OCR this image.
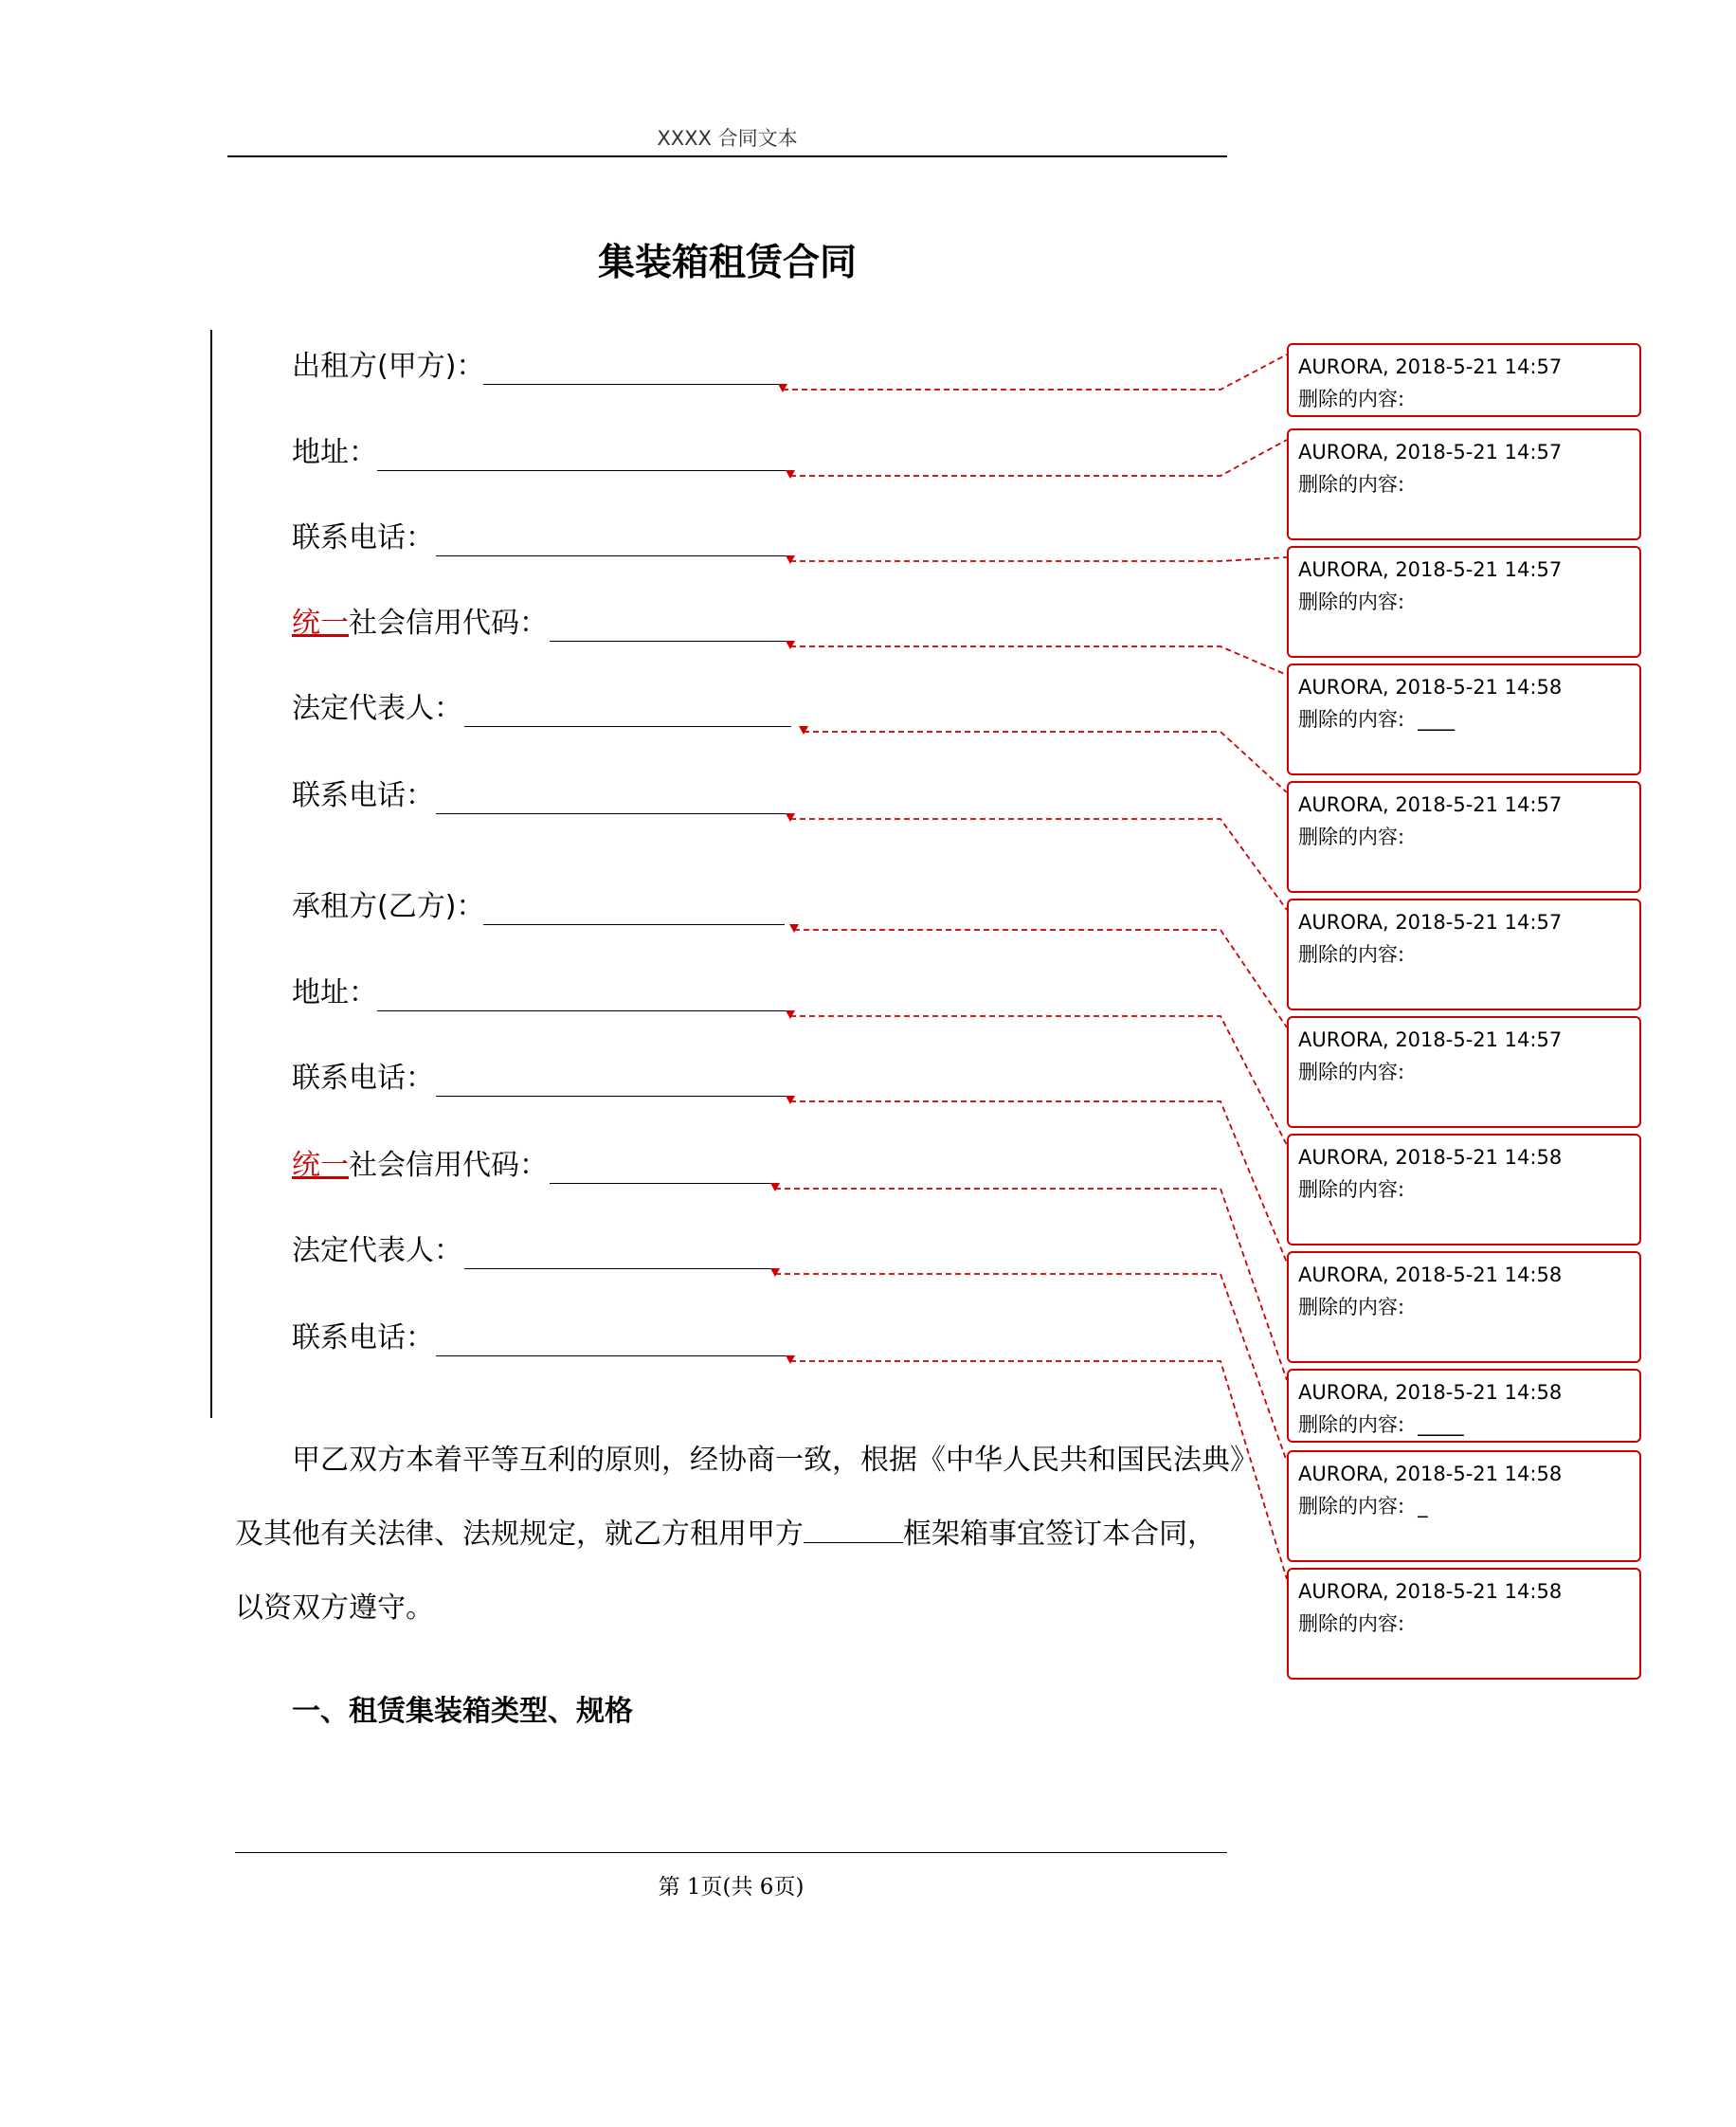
XXXX 合同文本
集装箱租赁合同
出租方(甲方)：
地址：
联系电话：
统一社会信用代码：
法定代表人：
联系电话：
承租方(乙方)：
地址：
联系电话：
统一社会信用代码：
法定代表人：
联系电话：
甲乙双方本着平等互利的原则，经协商一致，根据《中华人民共和国民法典》
及其他有关法律、法规规定，就乙方租用甲方	框架箱事宜签订本合同，
以资双方遵守。
一、租赁集装箱类型、规格
AURORA, 2018-5-21 14:57
删除的内容:
AURORA, 2018-5-21 14:57
删除的内容:
AURORA, 2018-5-21 14:57
删除的内容:
AURORA, 2018-5-21 14:58
删除的内容: ____
AURORA, 2018-5-21 14:57
删除的内容:
AURORA, 2018-5-21 14:57
删除的内容:
AURORA, 2018-5-21 14:57
删除的内容:
AURORA, 2018-5-21 14:58
删除的内容:
AURORA, 2018-5-21 14:58
删除的内容:
AURORA, 2018-5-21 14:58
删除的内容: _____
AURORA, 2018-5-21 14:58
删除的内容: _
AURORA, 2018-5-21 14:58
删除的内容:
第 1页(共 6页)
